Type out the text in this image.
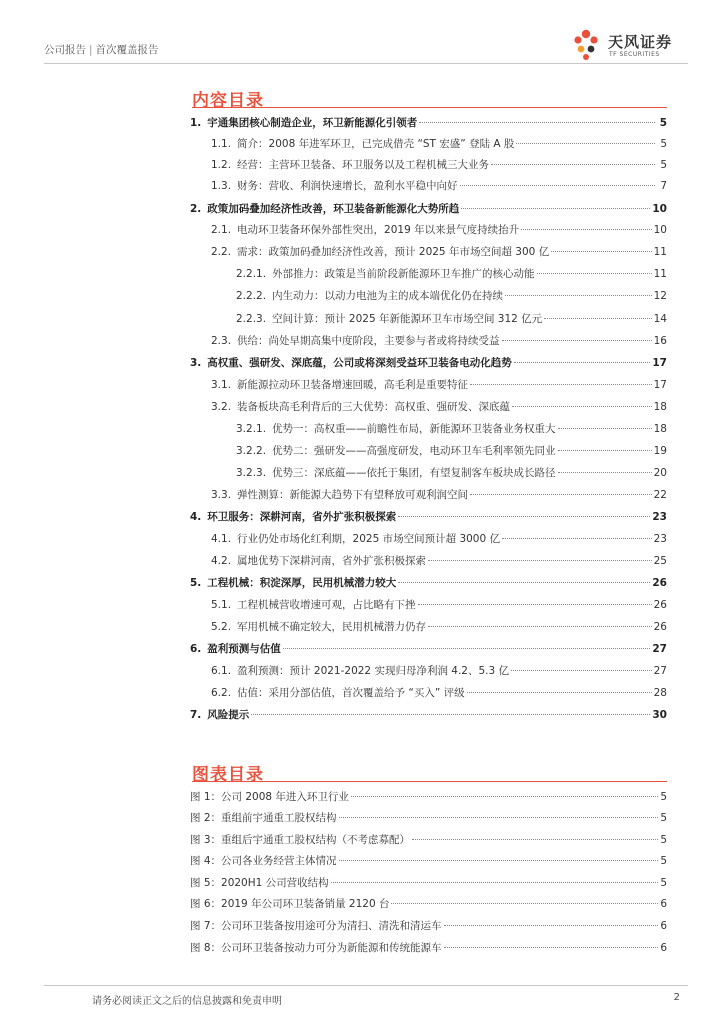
公司报告 | 首次覆盖报告	天风证券
TF SECURITIES
内容目录
1. 宇通集团核心制造企业，环卫新能源化引领者	5
1.1. 简介：2008 年进军环卫，已完成借壳 “ST 宏盛” 登陆 A 股	5
1.2. 经营：主营环卫装备、环卫服务以及工程机械三大业务	5
1.3. 财务：营收、利润快速增长，盈利水平稳中向好	7
2. 政策加码叠加经济性改善，环卫装备新能源化大势所趋	10
2.1. 电动环卫装备环保外部性突出，2019 年以来景气度持续抬升	10
2.2. 需求：政策加码叠加经济性改善，预计 2025 年市场空间超 300 亿	11
2.2.1. 外部推力：政策是当前阶段新能源环卫车推广的核心动能	11
2.2.2. 内生动力：以动力电池为主的成本端优化仍在持续	12
2.2.3. 空间计算：预计 2025 年新能源环卫车市场空间 312 亿元	14
2.3. 供给：尚处早期高集中度阶段，主要参与者或将持续受益	16
3. 高权重、强研发、深底蕴，公司或将深刻受益环卫装备电动化趋势	17
3.1. 新能源拉动环卫装备增速回暖，高毛利是重要特征	17
3.2. 装备板块高毛利背后的三大优势：高权重、强研发、深底蕴	18
3.2.1. 优势一：高权重——前瞻性布局，新能源环卫装备业务权重大	18
3.2.2. 优势二：强研发——高强度研发，电动环卫车毛利率领先同业	19
3.2.3. 优势三：深底蕴——依托于集团，有望复制客车板块成长路径	20
3.3. 弹性测算：新能源大趋势下有望释放可观利润空间	22
4. 环卫服务：深耕河南，省外扩张积极探索	23
4.1. 行业仍处市场化红利期，2025 市场空间预计超 3000 亿	23
4.2. 属地优势下深耕河南，省外扩张积极探索	25
5. 工程机械：积淀深厚，民用机械潜力较大	26
5.1. 工程机械营收增速可观，占比略有下挫	26
5.2. 军用机械不确定较大，民用机械潜力仍存	26
6. 盈利预测与估值	27
6.1. 盈利预测：预计 2021-2022 实现归母净利润 4.2、5.3 亿	27
6.2. 估值：采用分部估值，首次覆盖给予 “买入” 评级	28
7. 风险提示	30
图表目录
图 1：公司 2008 年进入环卫行业	5
图 2：重组前宇通重工股权结构	5
图 3：重组后宇通重工股权结构（不考虑募配）	5
图 4：公司各业务经营主体情况	5
图 5：2020H1 公司营收结构	5
图 6：2019 年公司环卫装备销量 2120 台	6
图 7：公司环卫装备按用途可分为清扫、清洗和清运车	6
图 8：公司环卫装备按动力可分为新能源和传统能源车	6
请务必阅读正文之后的信息披露和免责申明	2
